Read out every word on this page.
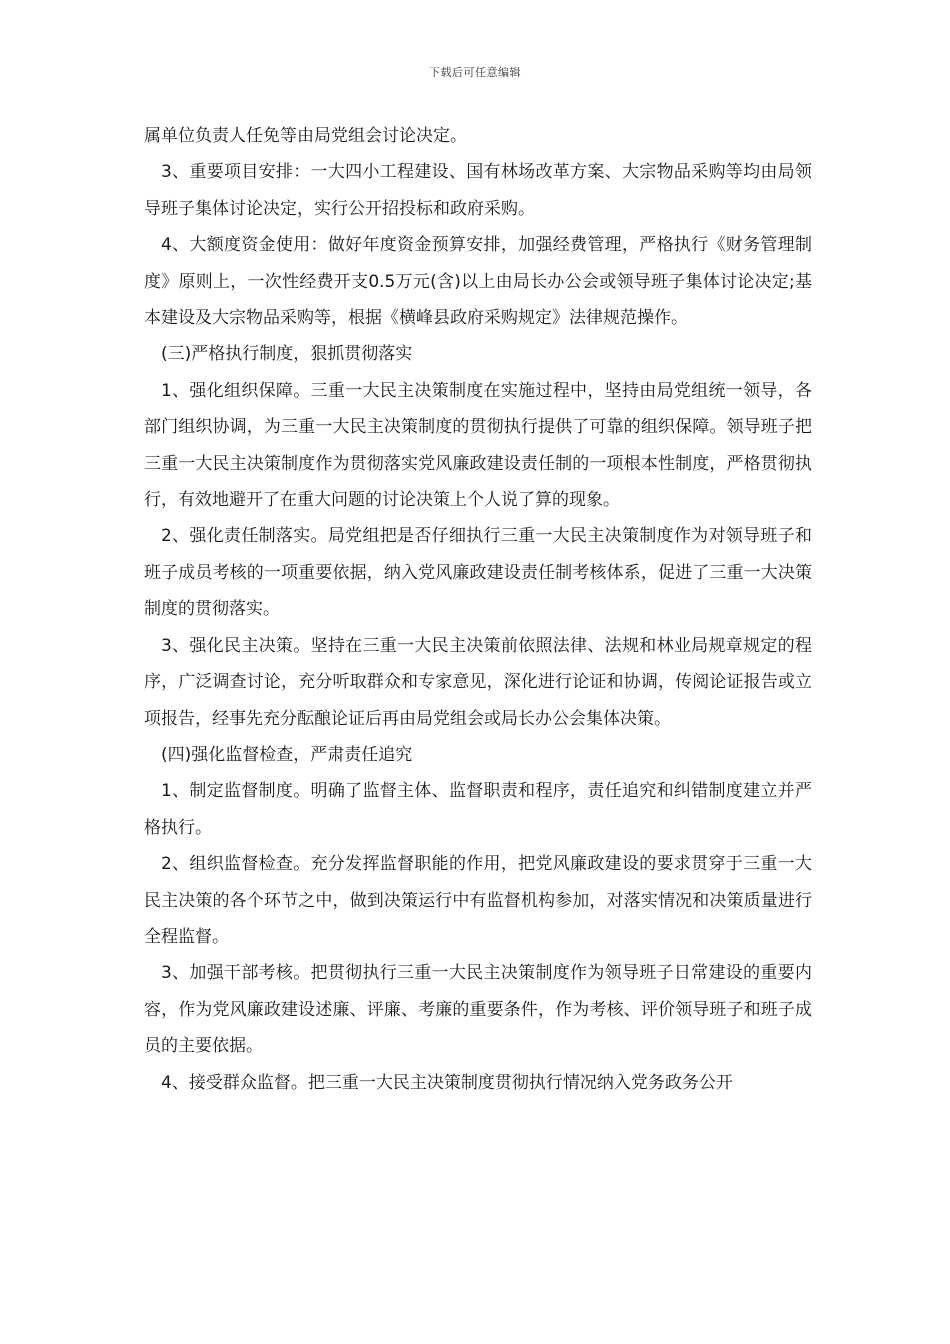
下载后可任意编辑

属单位负责人任免等由局党组会讨论决定。

3、重要项目安排：一大四小工程建设、国有林场改革方案、大宗物品采购等均由局领导班子集体讨论决定，实行公开招投标和政府采购。

4、大额度资金使用：做好年度资金预算安排，加强经费管理，严格执行《财务管理制度》原则上，一次性经费开支0.5万元(含)以上由局长办公会或领导班子集体讨论决定;基本建设及大宗物品采购等，根据《横峰县政府采购规定》法律规范操作。

(三)严格执行制度，狠抓贯彻落实

1、强化组织保障。三重一大民主决策制度在实施过程中，坚持由局党组统一领导，各部门组织协调，为三重一大民主决策制度的贯彻执行提供了可靠的组织保障。领导班子把三重一大民主决策制度作为贯彻落实党风廉政建设责任制的一项根本性制度，严格贯彻执行，有效地避开了在重大问题的讨论决策上个人说了算的现象。

2、强化责任制落实。局党组把是否仔细执行三重一大民主决策制度作为对领导班子和班子成员考核的一项重要依据，纳入党风廉政建设责任制考核体系，促进了三重一大决策制度的贯彻落实。

3、强化民主决策。坚持在三重一大民主决策前依照法律、法规和林业局规章规定的程序，广泛调查讨论，充分听取群众和专家意见，深化进行论证和协调，传阅论证报告或立项报告，经事先充分酝酿论证后再由局党组会或局长办公会集体决策。

(四)强化监督检查，严肃责任追究

1、制定监督制度。明确了监督主体、监督职责和程序，责任追究和纠错制度建立并严格执行。

2、组织监督检查。充分发挥监督职能的作用，把党风廉政建设的要求贯穿于三重一大民主决策的各个环节之中，做到决策运行中有监督机构参加，对落实情况和决策质量进行全程监督。

3、加强干部考核。把贯彻执行三重一大民主决策制度作为领导班子日常建设的重要内容，作为党风廉政建设述廉、评廉、考廉的重要条件，作为考核、评价领导班子和班子成员的主要依据。

4、接受群众监督。把三重一大民主决策制度贯彻执行情况纳入党务政务公开
